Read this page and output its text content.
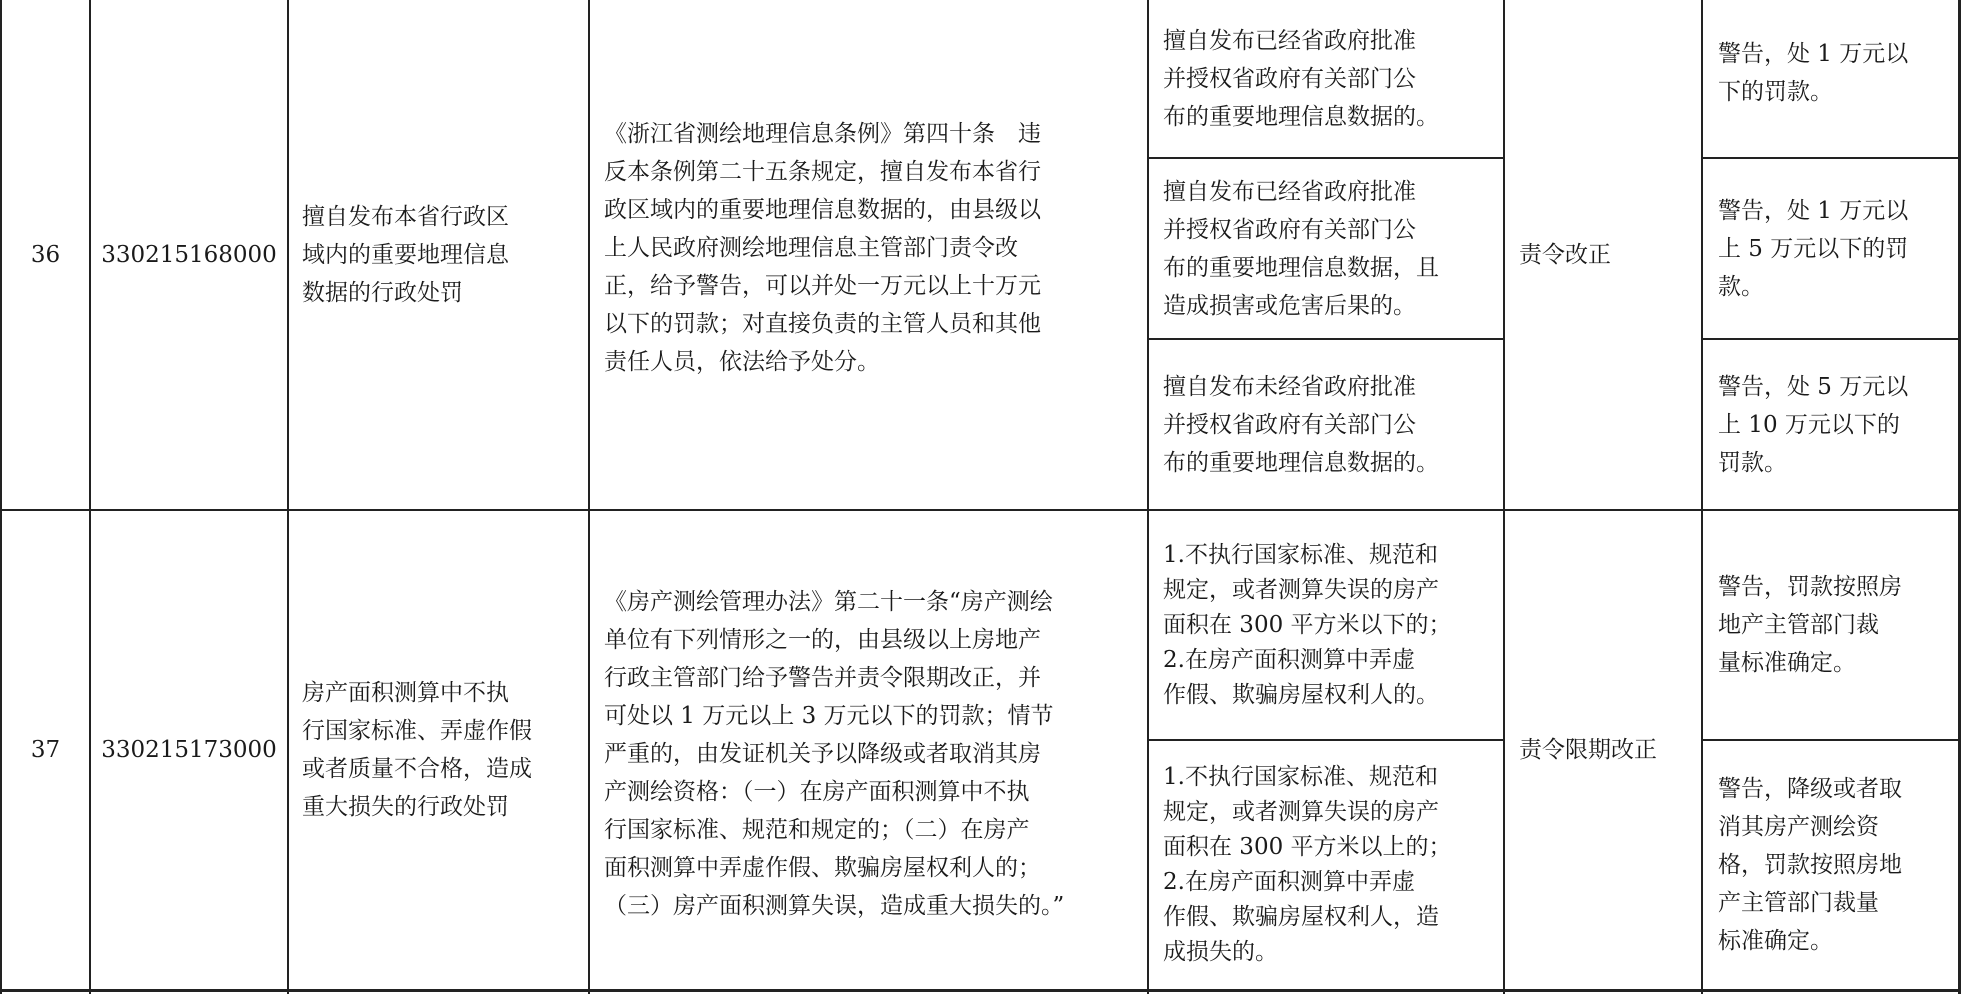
36 330215168000
擅自发布本省行政区
域内的重要地理信息
数据的行政处罚
《浙江省测绘地理信息条例》第四十条　违
反本条例第二十五条规定，擅自发布本省行
政区域内的重要地理信息数据的，由县级以
上人民政府测绘地理信息主管部门责令改
正，给予警告，可以并处一万元以上十万元
以下的罚款；对直接负责的主管人员和其他
责任人员，依法给予处分。
责令改正
擅自发布已经省政府批准
并授权省政府有关部门公
布的重要地理信息数据的。
擅自发布已经省政府批准
并授权省政府有关部门公
布的重要地理信息数据，且
造成损害或危害后果的。
擅自发布未经省政府批准
并授权省政府有关部门公
布的重要地理信息数据的。
警告，处 1 万元以
下的罚款。
警告，处 1 万元以
上 5 万元以下的罚
款。
警告，处 5 万元以
上 10 万元以下的
罚款。
37 330215173000
房产面积测算中不执
行国家标准、弄虚作假
或者质量不合格，造成
重大损失的行政处罚
《房产测绘管理办法》第二十一条“房产测绘
单位有下列情形之一的，由县级以上房地产
行政主管部门给予警告并责令限期改正，并
可处以 1 万元以上 3 万元以下的罚款；情节
严重的，由发证机关予以降级或者取消其房
产测绘资格：（一）在房产面积测算中不执
行国家标准、规范和规定的；（二）在房产
面积测算中弄虚作假、欺骗房屋权利人的；
（三）房产面积测算失误，造成重大损失的。”
责令限期改正
1.不执行国家标准、规范和
规定，或者测算失误的房产
面积在 300 平方米以下的；
2.在房产面积测算中弄虚
作假、欺骗房屋权利人的。
1.不执行国家标准、规范和
规定，或者测算失误的房产
面积在 300 平方米以上的；
2.在房产面积测算中弄虚
作假、欺骗房屋权利人，造
成损失的。
警告，罚款按照房
地产主管部门裁
量标准确定。
警告，降级或者取
消其房产测绘资
格，罚款按照房地
产主管部门裁量
标准确定。
